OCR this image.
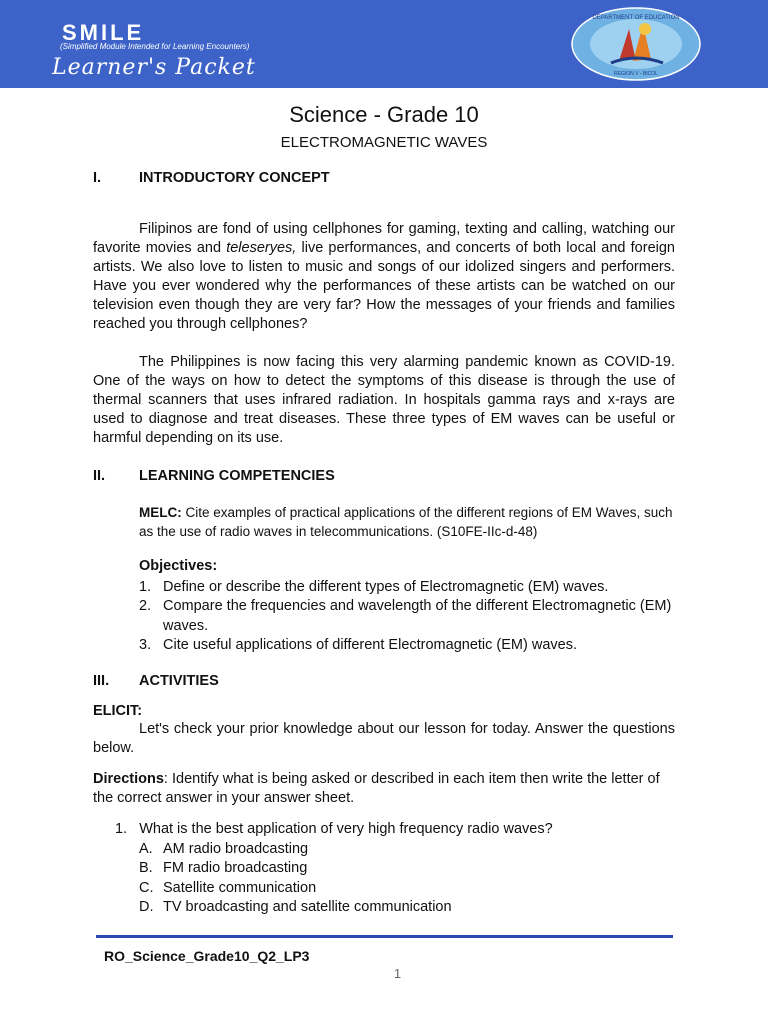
SMILE
(Simplified Module Intended for Learning Encounters)
Learner's Packet
DEPARTMENT OF EDUCATION
REGION V - BICOL
Science - Grade 10
ELECTROMAGNETIC WAVES
I.	INTRODUCTORY CONCEPT
Filipinos are fond of using cellphones for gaming, texting and calling, watching our favorite movies and teleseryes, live performances, and concerts of both local and foreign artists. We also love to listen to music and songs of our idolized singers and performers. Have you ever wondered why the performances of these artists can be watched on our television even though they are very far? How the messages of your friends and families reached you through cellphones?
The Philippines is now facing this very alarming pandemic known as COVID-19. One of the ways on how to detect the symptoms of this disease is through the use of thermal scanners that uses infrared radiation. In hospitals gamma rays and x-rays are used to diagnose and treat diseases. These three types of EM waves can be useful or harmful depending on its use.
II. LEARNING COMPETENCIES
MELC: Cite examples of practical applications of the different regions of EM Waves, such as the use of radio waves in telecommunications. (S10FE-IIc-d-48)
Objectives:
1. Define or describe the different types of Electromagnetic (EM) waves.
2. Compare the frequencies and wavelength of the different Electromagnetic (EM) waves.
3. Cite useful applications of different Electromagnetic (EM) waves.
III. ACTIVITIES
ELICIT:
Let's check your prior knowledge about our lesson for today. Answer the questions below.
Directions: Identify what is being asked or described in each item then write the letter of the correct answer in your answer sheet.
1. What is the best application of very high frequency radio waves?
A. AM radio broadcasting
B. FM radio broadcasting
C. Satellite communication
D. TV broadcasting and satellite communication
RO_Science_Grade10_Q2_LP3
1
